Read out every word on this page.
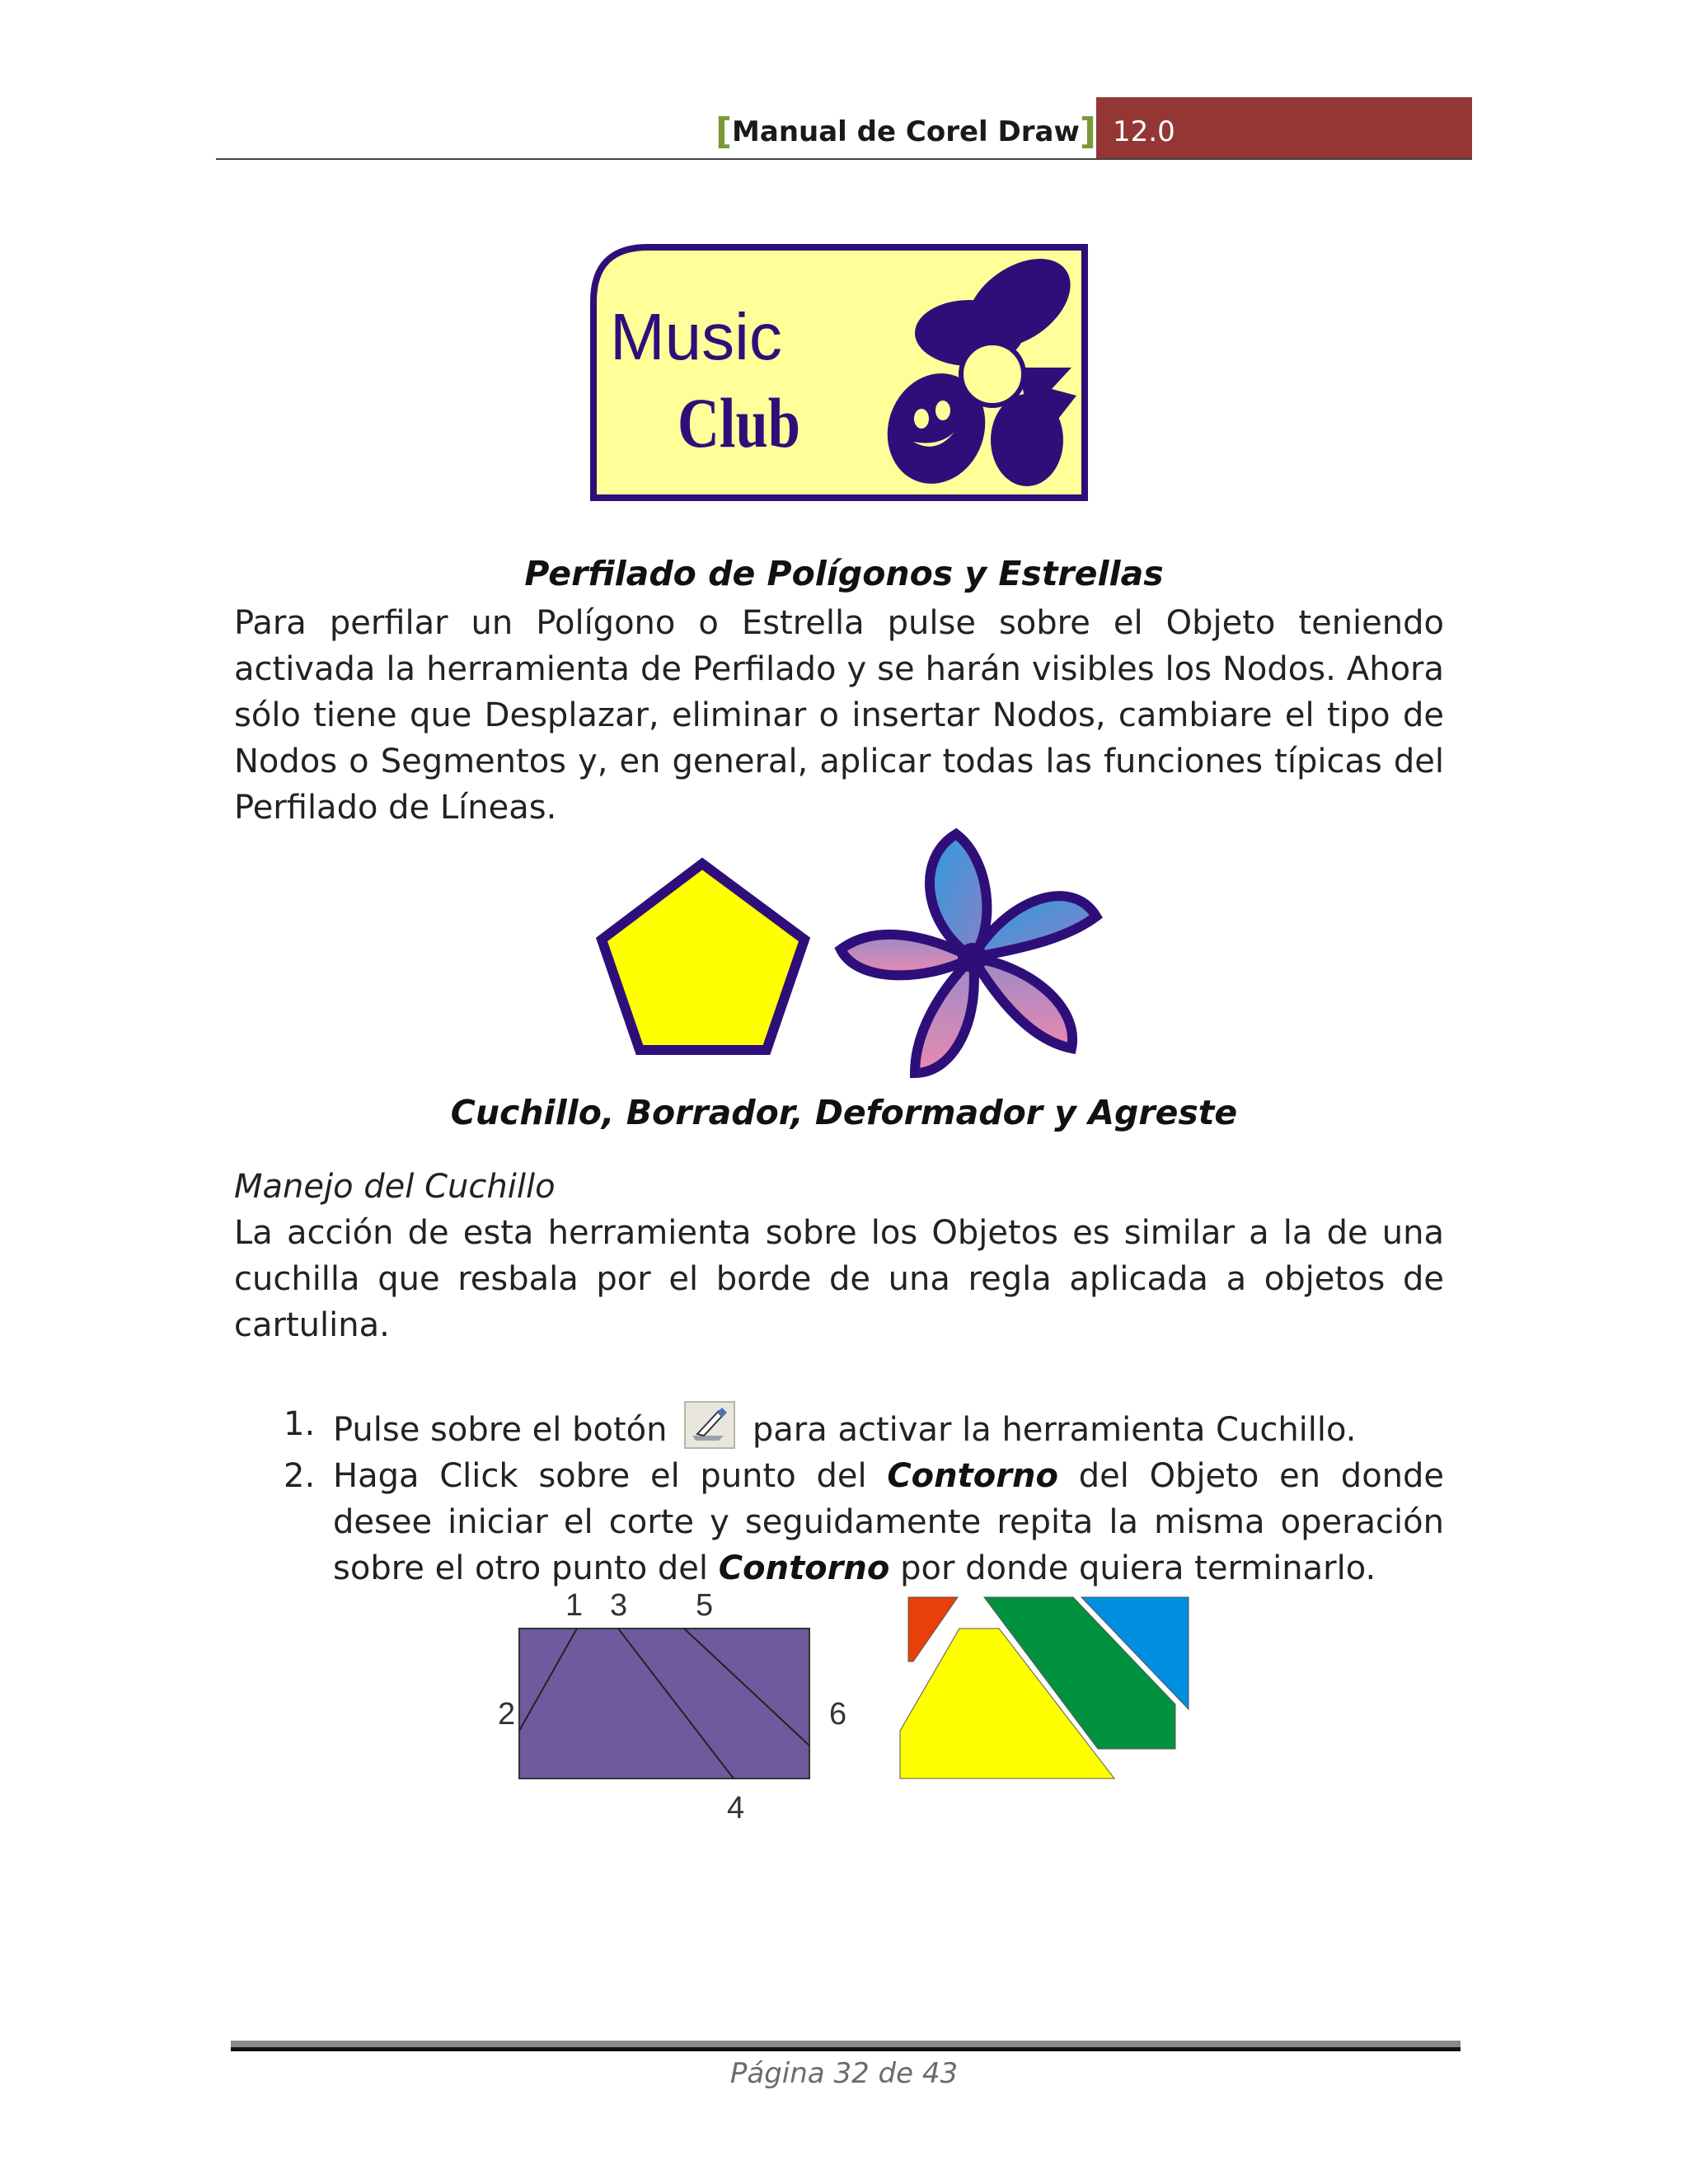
[Manual de Corel Draw] 12.0
Music
Club
Perfilado de Polígonos y Estrellas
Para perfilar un Polígono o Estrella pulse sobre el Objeto teniendo activada la herramienta de Perfilado y se harán visibles los Nodos. Ahora sólo tiene que Desplazar, eliminar o insertar Nodos, cambiare el tipo de Nodos o Segmentos y, en general, aplicar todas las funciones típicas del Perfilado de Líneas.
Cuchillo, Borrador, Deformador y Agreste
Manejo del Cuchillo
La acción de esta herramienta sobre los Objetos es similar a la de una cuchilla que resbala por el borde de una regla aplicada a objetos de cartulina.
1. Pulse sobre el botón	para activar la herramienta Cuchillo.
2. Haga Click sobre el punto del Contorno del Objeto en donde desee iniciar el corte y seguidamente repita la misma operación sobre el otro punto del Contorno por donde quiera terminarlo.
1 3 5
2	6
4
Página 32 de 43
